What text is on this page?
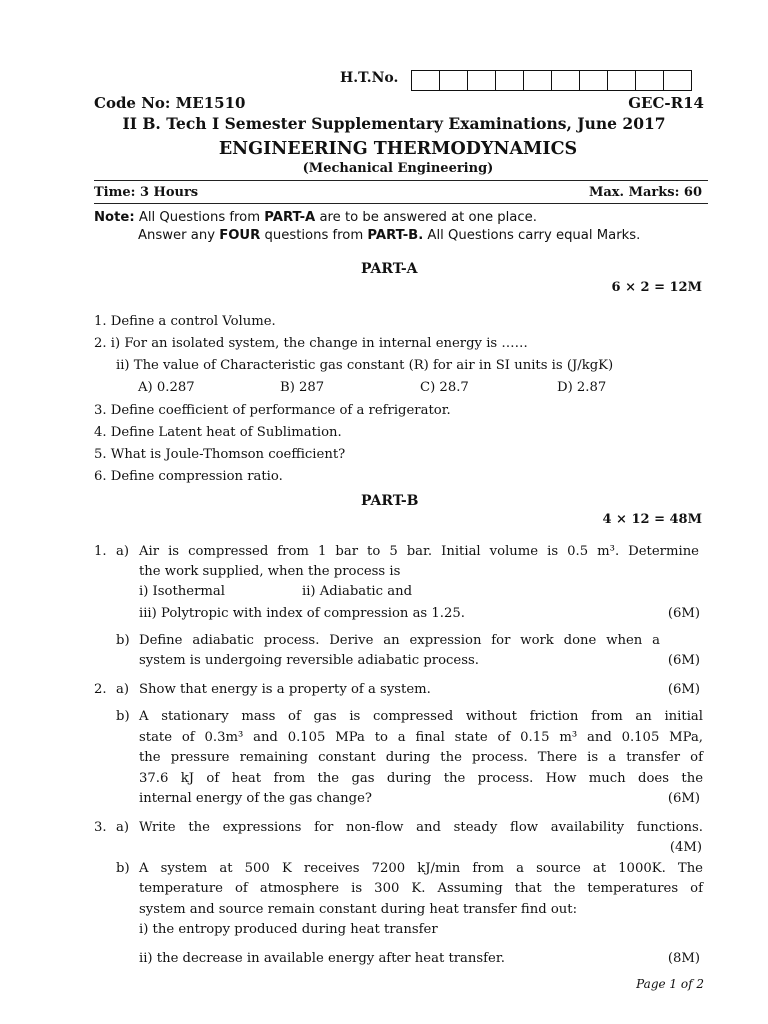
H.T.No.
Code No: ME1510	GEC-R14
II B. Tech I Semester Supplementary Examinations, June 2017
ENGINEERING THERMODYNAMICS
(Mechanical Engineering)
Time: 3 Hours	Max. Marks: 60
Note: All Questions from PART-A are to be answered at one place.
Answer any FOUR questions from PART-B. All Questions carry equal Marks.
PART-A
6 × 2 = 12M
1. Define a control Volume.
2. i) For an isolated system, the change in internal energy is ……
ii) The value of Characteristic gas constant (R) for air in SI units is (J/kgK)
A) 0.287	B) 287	C) 28.7	D) 2.87
3. Define coefficient of performance of a refrigerator.
4. Define Latent heat of Sublimation.
5. What is Joule-Thomson coefficient?
6. Define compression ratio.
PART-B
4 × 12 = 48M
1. a) Air is compressed from 1 bar to 5 bar. Initial volume is 0.5 m³. Determine
the work supplied, when the process is
i) Isothermal	ii) Adiabatic and
iii) Polytropic with index of compression as 1.25.	(6M)
b) Define adiabatic process. Derive an expression for work done when a
system is undergoing reversible adiabatic process.	(6M)
2. a) Show that energy is a property of a system.	(6M)
b) A stationary mass of gas is compressed without friction from an initial
state of 0.3m³ and 0.105 MPa to a final state of 0.15 m³ and 0.105 MPa,
the pressure remaining constant during the process. There is a transfer of
37.6 kJ of heat from the gas during the process. How much does the
internal energy of the gas change?	(6M)
3. a) Write the expressions for non-flow and steady flow availability functions.
(4M)
b) A system at 500 K receives 7200 kJ/min from a source at 1000K. The
temperature of atmosphere is 300 K. Assuming that the temperatures of
system and source remain constant during heat transfer find out:
i) the entropy produced during heat transfer
ii) the decrease in available energy after heat transfer.	(8M)
Page 1 of 2
